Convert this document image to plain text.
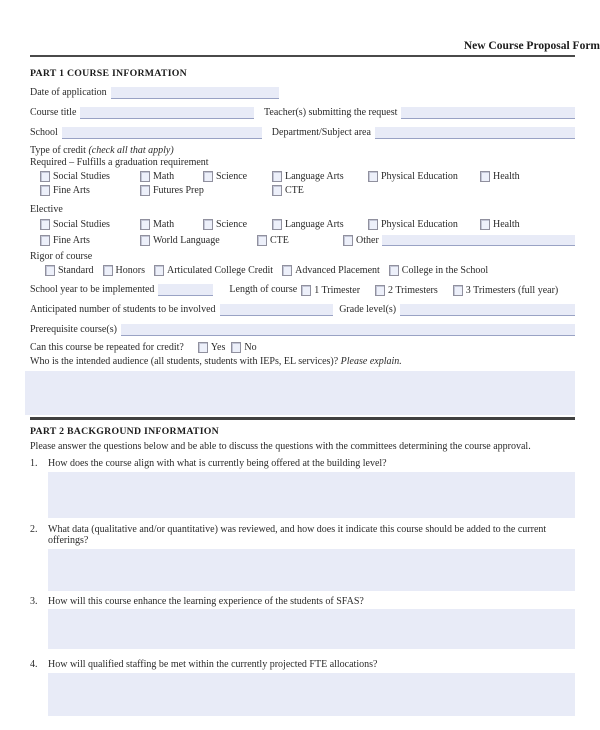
New Course Proposal Form
PART 1 COURSE INFORMATION
Date of application
Course title	Teacher(s) submitting the request
School	Department/Subject area
Type of credit (check all that apply)
Required – Fulfills a graduation requirement
Social Studies	Math	Science	Language Arts	Physical Education	Health
Fine Arts	Futures Prep	CTE
Elective
Social Studies	Math	Science	Language Arts	Physical Education	Health
Fine Arts	World Language	CTE	Other
Rigor of course
Standard Honors Articulated College Credit Advanced Placement College in the School
School year to be implemented	Length of course	1 Trimester	2 Trimesters	3 Trimesters (full year)
Anticipated number of students to be involved	Grade level(s)
Prerequisite course(s)
Can this course be repeated for credit?	Yes No
Who is the intended audience (all students, students with IEPs, EL services)? Please explain.
PART 2 BACKGROUND INFORMATION
Please answer the questions below and be able to discuss the questions with the committees determining the course approval.
1.	How does the course align with what is currently being offered at the building level?
2.	What data (qualitative and/or quantitative) was reviewed, and how does it indicate this course should be added to the current offerings?
3.	How will this course enhance the learning experience of the students of SFAS?
4.	How will qualified staffing be met within the currently projected FTE allocations?
